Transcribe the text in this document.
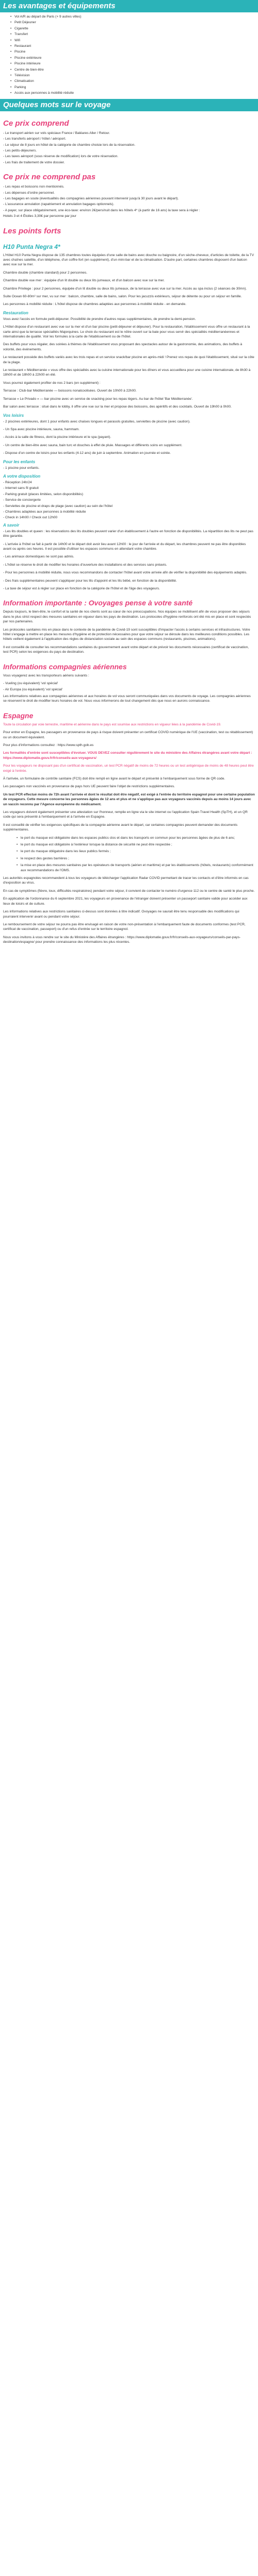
Les avantages et équipements
• Vol A/R au départ de Paris (+ 9 autres villes)
• Petit Déjeuner
• Cigarette
• Transfert
• Wifi
• Restaurant
• Piscine
• Piscine extérieure
• Piscine intérieure
• Centre de bien-être
• Télévision
• Climatisation
• Parking
• Accès aux personnes à mobilité réduite
Quelques mots sur le voyage
Ce prix comprend
- Le transport aérien sur vols spéciaux France / Baléares Aller / Retour.
- Les transferts aéroport / hôtel / aéroport.
- Le séjour de 8 jours en hôtel de la catégorie de chambre choisie lors de la réservation.
- Les petits-déjeuners.
- Les taxes aéroport (sous réserve de modification) lors de votre réservation.
- Les frais de traitement de votre dossier.
Ce prix ne comprend pas
- Les repas et boissons non mentionnés.
- Les dépenses d'ordre personnel.
- Les bagages en soute (éventualités des compagnies aériennes pouvant intervenir jusqu'à 30 jours avant le départ).
- L'assurance annulation (rapatriement et annulation bagages optionnels).
- A payer, sur place obligatoirement, une éco-taxe: environ 2€/pers/nuit dans les hôtels 4* (à partir de 16 ans) la taxe sera à régler :
Hotels 3 et 4 Étoiles 3,30€ par personne par jour
Les points forts
H10 Punta Negra 4*

L'Hôtel H10 Punta Negra dispose de 135 chambres toutes équipées d'une salle de bains avec douche ou baignoire, d'un sèche-cheveux, d'articles de toilette, de la TV avec chaînes satellite, d'un téléphone, d'un coffre-fort (en supplément), d'un mini-bar et de la climatisation. D'autre part, certaines chambres disposent d'un balcon avec vue sur la mer.

Chambre double (chambre standard) pour 2 personnes.

Chambre double vue mer : équipée d'un lit double ou deux lits jumeaux, et d'un balcon avec vue sur la mer.

Chambre Privilege : pour 2 personnes, équipée d'un lit double ou deux lits jumeaux, de la terrasse avec vue sur la mer. Accès au spa inclus (2 séances de 30mn).

Suite Ocean 60-80m² sur mer, vu sur mer : balcon, chambre, salle de bains, salon. Pour les jacuzzis extérieurs, séjour de détente ou pour un séjour en famille.

Les personnes à mobilité réduite : L'hôtel dispose de chambres adaptées aux personnes à mobilité réduite - en demande.

Restauration

Vous avez l'accès en formule petit-déjeuner. Possibilité de prendre d'autres repas supplémentaires, de prendre la demi-pension.

L'Hôtel dispose d'un restaurant avec vue sur la mer et d'un bar piscine (petit-déjeuner et déjeuner). Pour la restauration, l'établissement vous offre un restaurant à la carte ainsi que la terrasse spécialités Majorquines. Le choix du restaurant est le nôtre ouvert sur la baie pour vous servir des spécialités méditerranéennes et internationales de qualité. Voir les formules à la carte de l'établissement ou de l'hôtel.

Des buffets pour vous régaler, des soirées à thèmes de l'établissement vous proposant des spectacles autour de la gastronomie, des animations, des buffets à volonté, des événements.

Le restaurant possède des buffets variés avec les trois repas et un service snack/bar piscine en après-midi ! Prenez vos repas de quoi l'établissement, situé sur la côte de la plage.

Le restaurant « Méditerranée » vous offre des spécialités avec la cuisine internationale pour les dîners et vous accueillera pour une cuisine internationale, de 8h30 à 18h00 et de 18h00 à 22h00 en été.

Vous pourrez également profiter de nos 2 bars (en supplément) :

Terrasse : Club-bar Méditerranée — boissons nonalcoolisées. Ouvert de 10h00 à 22h00.

Terrasse « Le Privado » — bar piscine avec un service de snacking pour les repas légers. Au bar de l'hôtel 'Bar Méditerranée'.

Bar salon avec terrasse : situé dans le lobby, il offre une vue sur la mer et propose des boissons, des apéritifs et des cocktails. Ouvert de 19h00 à 0h00.

Vos loisirs

- 2 piscines extérieures, dont 1 pour enfants avec chaises longues et parasols gratuites, serviettes de piscine (avec caution).

- Un Spa avec piscine intérieure, sauna, hammam.

- Accès à la salle de fitness, dont la piscine intérieure et le spa (payant).

- Un centre de bien-être avec sauna, bain turc et douches à effet de pluie. Massages et différents soins en supplément.

- Dispose d'un centre de loisirs pour les enfants (4-12 ans) de juin à septembre. Animation en journée et soirée.

Pour les enfants

- 1 piscine pour enfants.

A votre disposition
- Réception 24h/24
- Internet sans fil gratuit
- Parking gratuit (places limitées, selon disponibilités)
- Service de conciergerie
- Serviettes de piscine et draps de plage (avec caution) au sein de l'hôtel
- Chambres adaptées aux personnes à mobilité réduite
- Check in 14h00 / Check out 12h00
A savoir

- Les lits doubles et queen : les réservations des lits doubles peuvent varier d'un établissement à l'autre en fonction de disponibilités. La répartition des lits ne peut pas être garantie.

- L'arrivée à l'hôtel se fait à partir de 14h00 et le départ doit avoir lieu avant 12h00 : le jour de l'arrivée et du départ, les chambres peuvent ne pas être disponibles avant ou après ces heures. Il est possible d'utiliser les espaces communs en attendant votre chambre.

- Les animaux domestiques ne sont pas admis.

- L'hôtel se réserve le droit de modifier les horaires d'ouverture des installations et des services sans préavis.

- Pour les personnes à mobilité réduite, nous vous recommandons de contacter l'hôtel avant votre arrivée afin de vérifier la disponibilité des équipements adaptés.

- Des frais supplémentaires peuvent s'appliquer pour les lits d'appoint et les lits bébé, en fonction de la disponibilité.

- La taxe de séjour est à régler sur place en fonction de la catégorie de l'hôtel et de l'âge des voyageurs.

Information importante : Ovoyages pense à votre santé

Depuis toujours, le bien-être, le confort et la santé de nos clients sont au cœur de nos préoccupations. Nos équipes se mobilisent afin de vous proposer des séjours dans le plus strict respect des mesures sanitaires en vigueur dans les pays de destination. Les protocoles d'hygiène renforcés ont été mis en place et sont respectés par nos partenaires.

Les protocoles sanitaires mis en place dans le contexte de la pandémie de Covid-19 sont susceptibles d'impacter l'accès à certains services et infrastructures. Votre hôtel s'engage à mettre en place les mesures d'hygiène et de protection nécessaires pour que votre séjour se déroule dans les meilleures conditions possibles. Les hôtels veillent également à l'application des règles de distanciation sociale au sein des espaces communs (restaurants, piscines, animations).

Il est conseillé de consulter les recommandations sanitaires du gouvernement avant votre départ et de prévoir les documents nécessaires (certificat de vaccination, test PCR) selon les exigences du pays de destination.

Informations compagnies aériennes

Vous voyagerez avec les transporteurs aériens suivants :

- Vueling (ou équivalent) 'vol spécial'
- Air Europa (ou équivalent) 'vol spécial'

Les informations relatives aux compagnies aériennes et aux horaires de vol vous seront communiquées dans vos documents de voyage. Les compagnies aériennes se réservent le droit de modifier leurs horaires de vol. Nous vous informerons de tout changement dès que nous en aurons connaissance.

Espagne

Toute la circulation par voie terrestre, maritime et aérienne dans le pays est soumise aux restrictions en vigueur liées à la pandémie de Covid-19.

Pour entrer en Espagne, les passagers en provenance de pays à risque doivent présenter un certificat COVID numérique de l'UE (vaccination, test ou rétablissement) ou un document équivalent.

Pour plus d'informations consultez : https://www.spth.gob.es

Les formalités d'entrée sont susceptibles d'évoluer. VOUS DEVEZ consulter régulièrement le site du ministère des Affaires étrangères avant votre départ : https://www.diplomatie.gouv.fr/fr/conseils-aux-voyageurs/

Pour les voyageurs ne disposant pas d'un certificat de vaccination, un test PCR négatif de moins de 72 heures ou un test antigénique de moins de 48 heures peut être exigé à l'entrée.

À l'arrivée, un formulaire de contrôle sanitaire (FCS) doit être rempli en ligne avant le départ et présenté à l'embarquement sous forme de QR code.

Les passagers non vaccinés en provenance de pays hors UE peuvent faire l'objet de restrictions supplémentaires.

Un test PCR effectué moins de 72h avant l'arrivée et dont le résultat doit être négatif, est exigé à l'entrée du territoire espagnol pour une certaine population de voyageurs. Cette mesure concerne les personnes âgées de 12 ans et plus et ne s'applique pas aux voyageurs vaccinés depuis au moins 14 jours avec un vaccin reconnu par l'Agence européenne du médicament.

Les voyageurs doivent également présenter une attestation sur l'honneur, remplie en ligne via le site internet ou l'application Spain Travel Health (SpTH), et un QR code qui sera présenté à l'embarquement et à l'arrivée en Espagne.

Il est conseillé de vérifier les exigences spécifiques de la compagnie aérienne avant le départ, car certaines compagnies peuvent demander des documents supplémentaires.

• le port du masque est obligatoire dans les espaces publics clos et dans les transports en commun pour les personnes âgées de plus de 6 ans;
• le port du masque est obligatoire à l'extérieur lorsque la distance de sécurité ne peut être respectée ;
• le port du masque obligatoire dans les lieux publics fermés ;
• le respect des gestes barrières ;
• la mise en place des mesures sanitaires par les opérateurs de transports (aérien et maritime) et par les établissements (hôtels, restaurants) conformément aux recommandations de l'OMS.

Les autorités espagnoles recommandent à tous les voyageurs de télécharger l'application Radar COVID permettant de tracer les contacts et d'être informés en cas d'exposition au virus.

En cas de symptômes (fièvre, toux, difficultés respiratoires) pendant votre séjour, il convient de contacter le numéro d'urgence 112 ou le centre de santé le plus proche.

En application de l'ordonnance du 6 septembre 2021, les voyageurs en provenance de l'étranger doivent présenter un passeport sanitaire valide pour accéder aux lieux de loisirs et de culture.

Les informations relatives aux restrictions sanitaires ci-dessus sont données à titre indicatif. Ovoyages ne saurait être tenu responsable des modifications qui pourraient intervenir avant ou pendant votre séjour.

Le remboursement de votre séjour ne pourra pas être envisagé en raison de votre non-présentation à l'embarquement faute de documents conformes (test PCR, certificat de vaccination, passeport) ou d'un refus d'entrée sur le territoire espagnol.

Nous vous invitons à vous rendre sur le site du Ministère des Affaires étrangères : https://www.diplomatie.gouv.fr/fr/conseils-aux-voyageurs/conseils-par-pays-destination/espagne/ pour prendre connaissance des informations les plus récentes.
